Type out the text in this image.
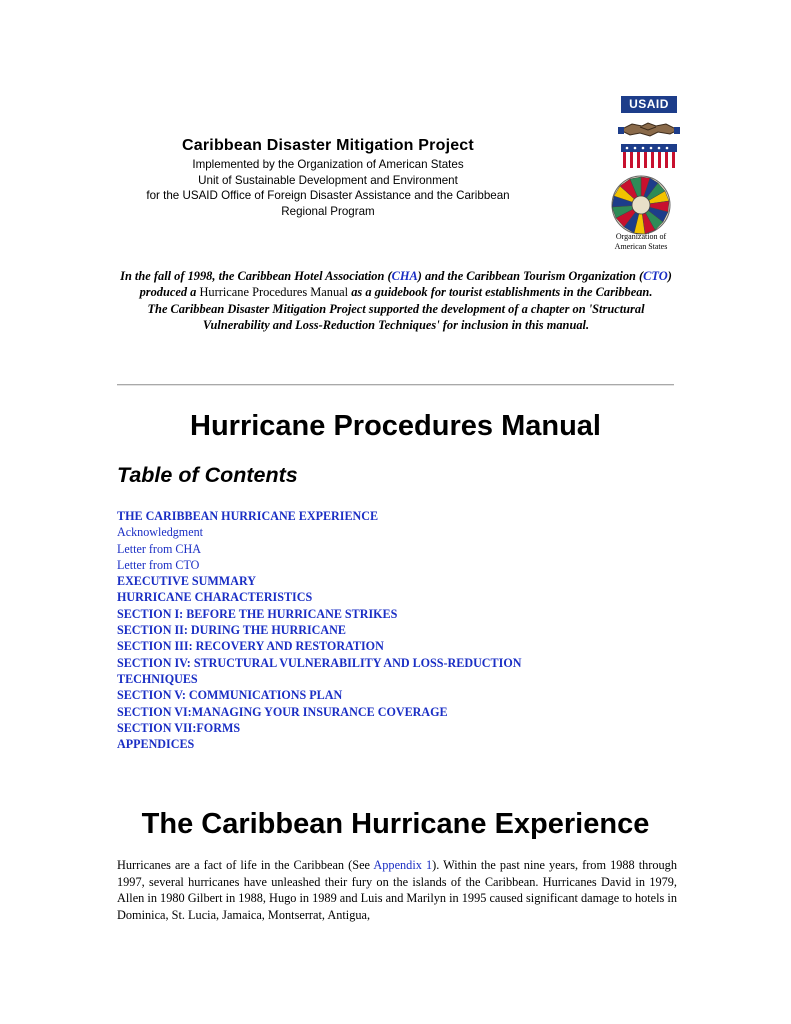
Caribbean Disaster Mitigation Project

Implemented by the Organization of American States

Unit of Sustainable Development and Environment

for the USAID Office of Foreign Disaster Assistance and the Caribbean

Regional Program

USAID
Organization of
American States

In the fall of 1998, the Caribbean Hotel Association (CHA) and the Caribbean Tourism Organization (CTO) produced a Hurricane Procedures Manual as a guidebook for tourist establishments in the Caribbean.

The Caribbean Disaster Mitigation Project supported the development of a chapter on 'Structural Vulnerability and Loss-Reduction Techniques' for inclusion in this manual.

Hurricane Procedures Manual
Table of Contents
THE CARIBBEAN HURRICANE EXPERIENCE
Acknowledgment
Letter from CHA
Letter from CTO
EXECUTIVE SUMMARY
HURRICANE CHARACTERISTICS
SECTION I: BEFORE THE HURRICANE STRIKES
SECTION II: DURING THE HURRICANE
SECTION III: RECOVERY AND RESTORATION
SECTION IV: STRUCTURAL VULNERABILITY AND LOSS-REDUCTION
TECHNIQUES
SECTION V: COMMUNICATIONS PLAN
SECTION VI:MANAGING YOUR INSURANCE COVERAGE
SECTION VII:FORMS
APPENDICES
The Caribbean Hurricane Experience

Hurricanes are a fact of life in the Caribbean (See Appendix 1). Within the past nine years, from 1988 through 1997, several hurricanes have unleashed their fury on the islands of the Caribbean. Hurricanes David in 1979, Allen in 1980 Gilbert in 1988, Hugo in 1989 and Luis and Marilyn in 1995 caused significant damage to hotels in Dominica, St. Lucia, Jamaica, Montserrat, Antigua,
